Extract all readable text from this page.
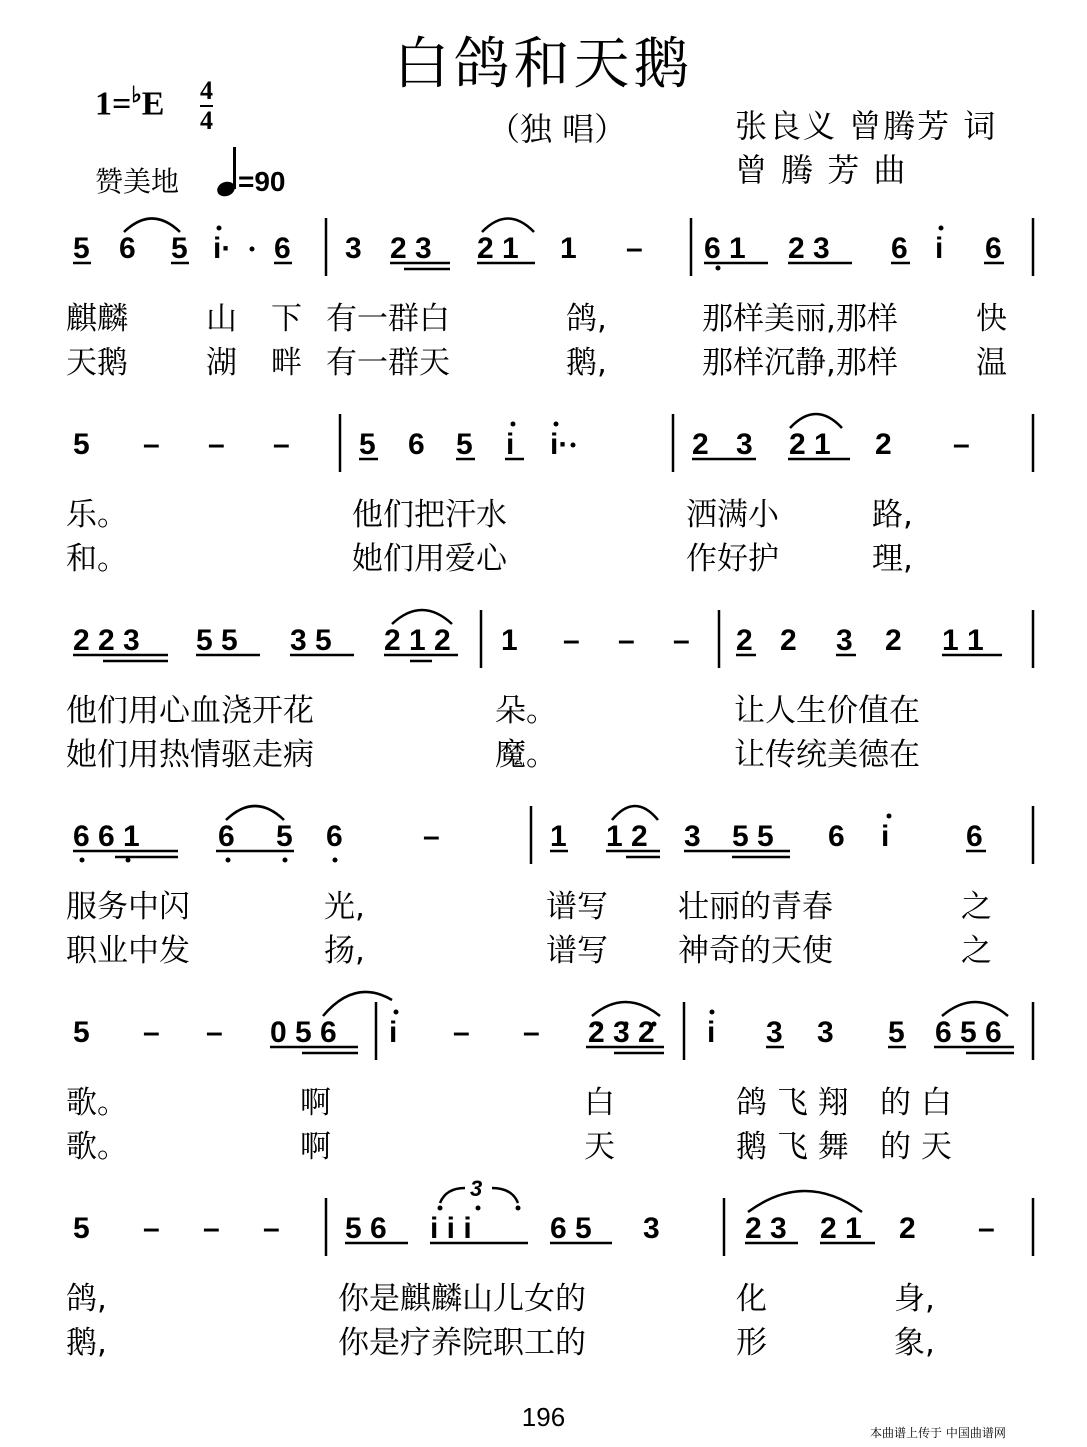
白鸽和天鹅
1=♭E 4
4	（独 唱）	张良义 曾腾芳 词
曾 腾 芳 曲
赞美地 =90
5 6 5 i· 6 3 2 3 2 1 1 – 6 1 2 3 6 i 6
麒麟	山 下 有一群白	鸽,	那样美丽,那样	快
天鹅	湖 畔 有一群天	鹅,	那样沉静,那样	温
5 – – – 5 6 5 i i·	2 3 2 1 2 –
乐。	他们把汗水	洒满小	路,
和。	她们用爱心	作好护	理,
2 2 3 5 5 3 5 2 1 2 1 – – – 2 2 3 2 1 1
他们用心血浇开花	朵。	让人生价值在
她们用热情驱走病	魔。	让传统美德在
6 6 1	6 5 6	–	1 1 2 3 5 5 6 i	6
服务中闪	光,	谱写 壮丽的青春	之
职业中发	扬,	谱写 神奇的天使	之
5 – – 0 5 6 i – – 2 3 2 i 3 3 5 6 5 6
歌。	啊	白	鸽 飞 翔 的 白
歌。	啊	天	鹅 飞 舞 的 天
5 – – – 5 6 i i i	6 5 3	2 3 2 1 2 –
3
鸽,	你是麒麟山儿女的	化	身,
鹅,	你是疗养院职工的	形	象,
196
本曲谱上传于 中国曲谱网
